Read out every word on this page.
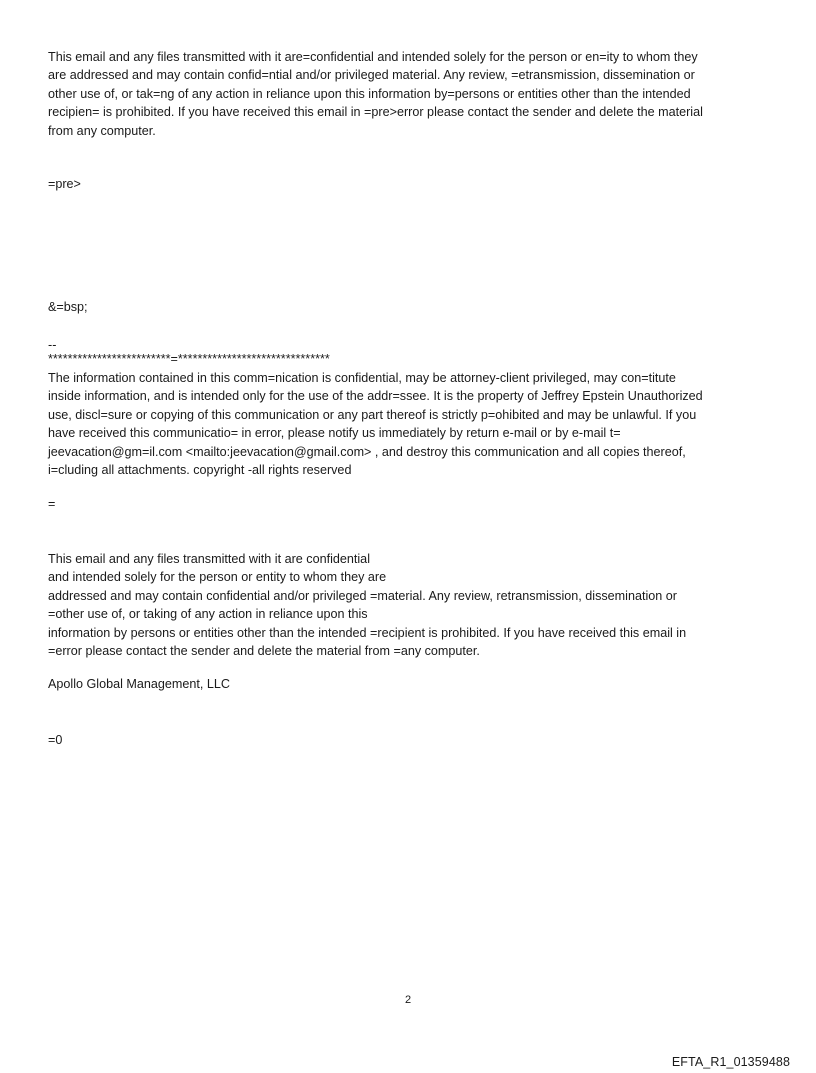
This email and any files transmitted with it are=confidential and intended solely for the person or en=ity to whom they
are addressed and may contain confid=ntial and/or privileged material. Any review, =etransmission, dissemination or
other use of, or tak=ng of any action in reliance upon this information by=persons or entities other than the intended
recipien= is prohibited. If you have received this email in =pre>error please contact the sender and delete the material
from any computer.
=pre>
&=bsp;
--
*************************=*******************************
The information contained in this comm=nication is confidential, may be attorney-client privileged, may con=titute
inside information, and is intended only for the use of the addr=ssee. It is the property of Jeffrey Epstein Unauthorized
use, discl=sure or copying of this communication or any part thereof is strictly p=ohibited and may be unlawful. If you
have received this communicatio= in error, please notify us immediately by return e-mail or by e-mail t=
jeevacation@gm=il.com <mailto:jeevacation@gmail.com> , and destroy this communication and all copies thereof,
i=cluding all attachments. copyright -all rights reserved
=
This email and any files transmitted with it are confidential
and intended solely for the person or entity to whom they are
addressed and may contain confidential and/or privileged =material. Any review, retransmission, dissemination or
=other use of, or taking of any action in reliance upon this
information by persons or entities other than the intended =recipient is prohibited. If you have received this email in
=error please contact the sender and delete the material from =any computer.
Apollo Global Management, LLC
=0
2
EFTA_R1_01359488
